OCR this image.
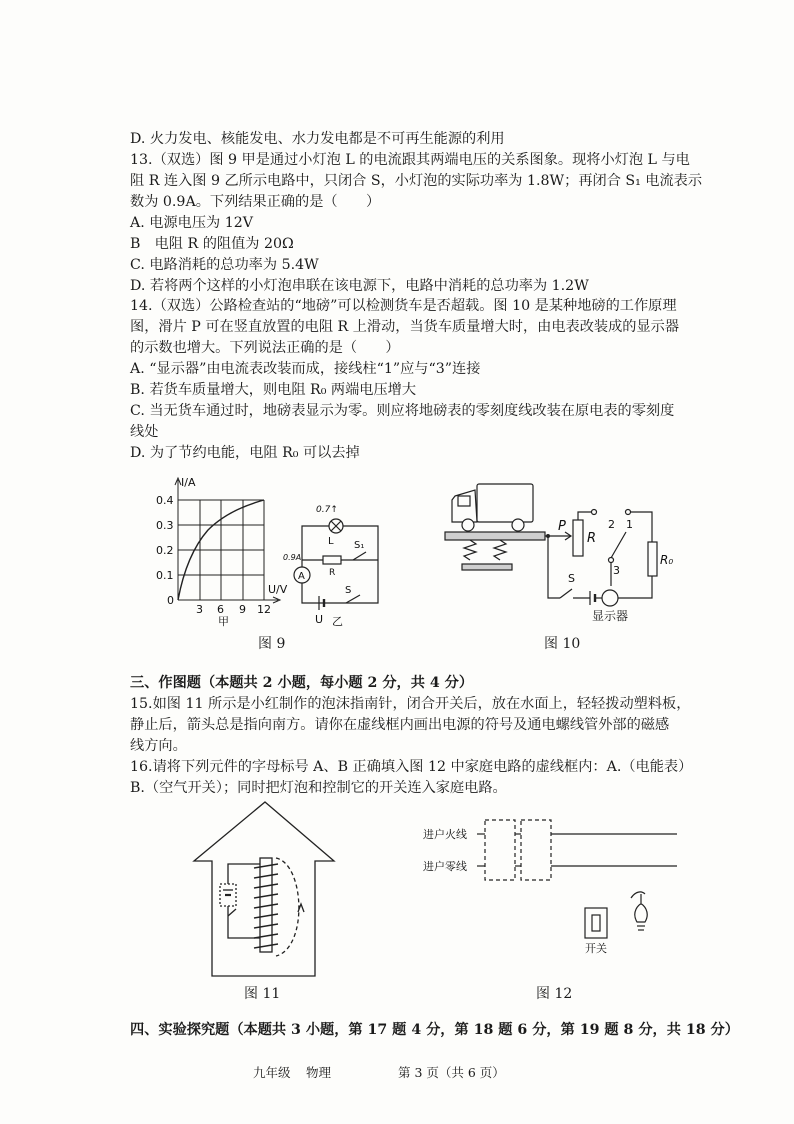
D. 火力发电、核能发电、水力发电都是不可再生能源的利用
13.（双选）图 9 甲是通过小灯泡 L 的电流跟其两端电压的关系图象。现将小灯泡 L 与电
阻 R 连入图 9 乙所示电路中，只闭合 S，小灯泡的实际功率为 1.8W；再闭合 S₁ 电流表示
数为 0.9A。下列结果正确的是（　　）
A. 电源电压为 12V
B　电阻 R 的阻值为 20Ω
C. 电路消耗的总功率为 5.4W
D. 若将两个这样的小灯泡串联在该电源下，电路中消耗的总功率为 1.2W
14.（双选）公路检查站的“地磅”可以检测货车是否超载。图 10 是某种地磅的工作原理
图，滑片 P 可在竖直放置的电阻 R 上滑动，当货车质量增大时，由电表改装成的显示器
的示数也增大。下列说法正确的是（　　）
A. “显示器”由电流表改装而成，接线柱“1”应与“3”连接
B. 若货车质量增大，则电阻 R₀ 两端电压增大
C. 当无货车通过时，地磅表显示为零。则应将地磅表的零刻度线改装在原电表的零刻度
线处
D. 为了节约电能，电阻 R₀ 可以去掉
I/A
U/V
0.4
0.3
0.2
0.1
0
3 6 9 12
甲
0.7↑
L
R
S₁
A
0.9A
S
U 乙
图 9
P
R
2 1
3
R₀
S
显示器
图 10
三、作图题（本题共 2 小题，每小题 2 分，共 4 分）
15.如图 11 所示是小红制作的泡沫指南针，闭合开关后，放在水面上，轻轻拨动塑料板，
静止后，箭头总是指向南方。请你在虚线框内画出电源的符号及通电螺线管外部的磁感
线方向。
16.请将下列元件的字母标号 A、B 正确填入图 12 中家庭电路的虚线框内：A.（电能表）
B.（空气开关）；同时把灯泡和控制它的开关连入家庭电路。
图 11
进户火线
进户零线
开关
图 12
四、实验探究题（本题共 3 小题，第 17 题 4 分，第 18 题 6 分，第 19 题 8 分，共 18 分）
九年级 物理	第 3 页（共 6 页）
